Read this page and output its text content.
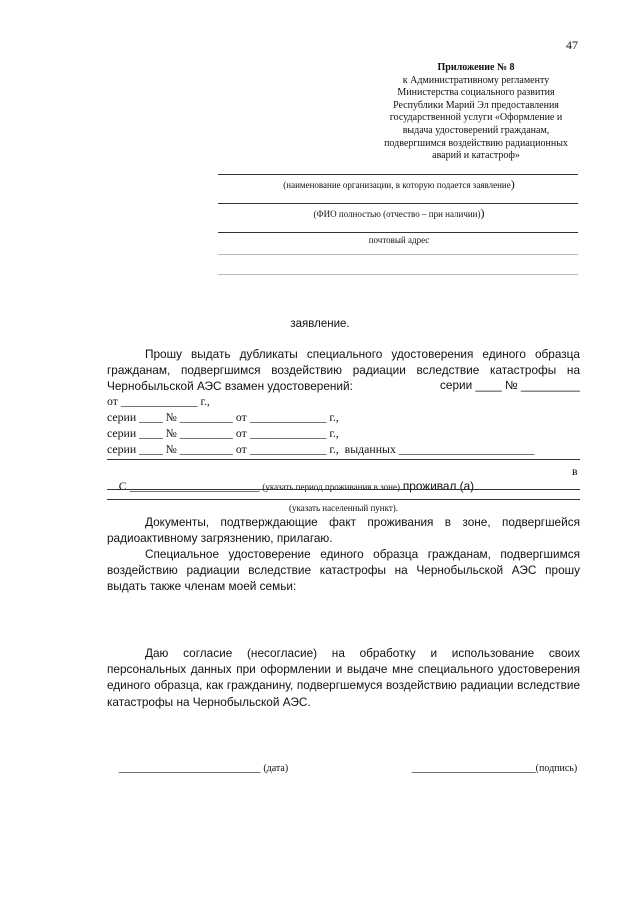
47
Приложение № 8
к Административному регламенту
Министерства социального развития
Республики Марий Эл предоставления
государственной услуги «Оформление и
выдача удостоверений гражданам,
подвергшимся воздействию радиационных
аварий и катастроф»
(наименование организации, в которую подается заявление)
(ФИО полностью (отчество – при наличии))
почтовый адрес
заявление.
Прошу выдать дубликаты специального удостоверения единого образца гражданам, подвергшимся воздействию радиации вследствие катастрофы на Чернобыльской АЭС взамен удостоверений:	серии ____ № _________
от _____________ г.,
серии ____ № _________ от _____________ г.,
серии ____ № _________ от _____________ г.,
серии ____ № _________ от _____________ г.,  выданных _______________________

С ______________________ (указать период проживания в зоне) проживал (а)

в
(указать населенный пункт).
Документы, подтверждающие факт проживания в зоне, подвергшейся радиоактивному загрязнению, прилагаю.
Специальное удостоверение единого образца гражданам, подвергшимся воздействию радиации вследствие катастрофы на Чернобыльской АЭС прошу выдать также членам моей семьи:
Даю согласие (несогласие) на обработку и использование своих персональных данных при оформлении и выдаче мне специального удостоверения единого образца, как гражданину, подвергшемуся воздействию радиации вследствие катастрофы на Чернобыльской АЭС.

________________________ (дата)
	_____________________(подпись)
